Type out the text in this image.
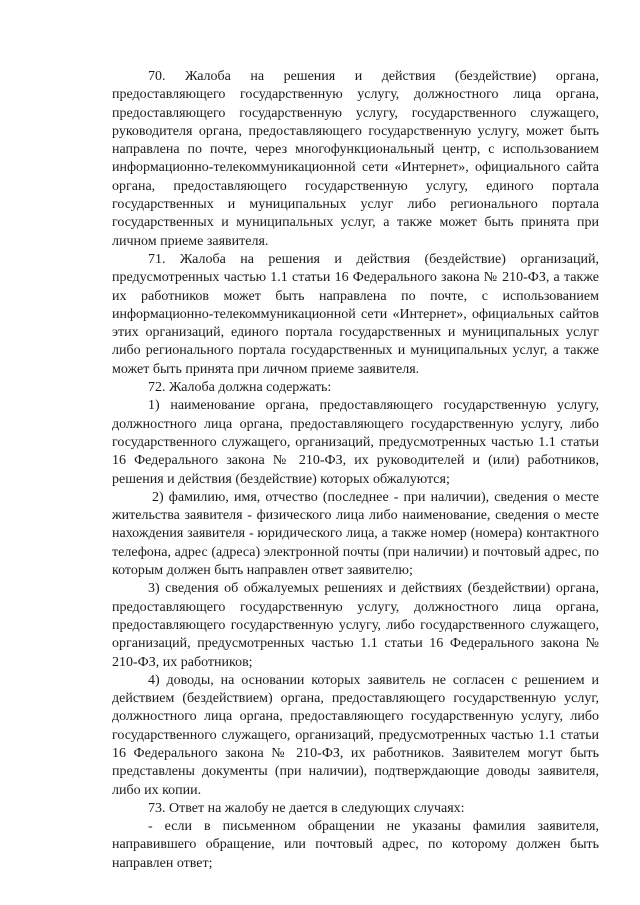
70. Жалоба на решения и действия (бездействие) органа, предоставляющего государственную услугу, должностного лица органа, предоставляющего государственную услугу, государственного служащего, руководителя органа, предоставляющего государственную услугу, может быть направлена по почте, через многофункциональный центр, с использованием информационно-телекоммуникационной сети «Интернет», официального сайта органа, предоставляющего государственную услугу, единого портала государственных и муниципальных услуг либо регионального портала государственных и муниципальных услуг, а также может быть принята при личном приеме заявителя.

71. Жалоба на решения и действия (бездействие) организаций, предусмотренных частью 1.1 статьи 16 Федерального закона № 210-ФЗ, а также их работников может быть направлена по почте, с использованием информационно-телекоммуникационной сети «Интернет», официальных сайтов этих организаций, единого портала государственных и муниципальных услуг либо регионального портала государственных и муниципальных услуг, а также может быть принята при личном приеме заявителя.

72. Жалоба должна содержать:

1) наименование органа, предоставляющего государственную услугу, должностного лица органа, предоставляющего государственную услугу, либо государственного служащего, организаций, предусмотренных частью 1.1 статьи 16 Федерального закона № 210-ФЗ, их руководителей и (или) работников, решения и действия (бездействие) которых обжалуются;

2) фамилию, имя, отчество (последнее - при наличии), сведения о месте жительства заявителя - физического лица либо наименование, сведения о месте нахождения заявителя - юридического лица, а также номер (номера) контактного телефона, адрес (адреса) электронной почты (при наличии) и почтовый адрес, по которым должен быть направлен ответ заявителю;

3) сведения об обжалуемых решениях и действиях (бездействии) органа, предоставляющего государственную услугу, должностного лица органа, предоставляющего государственную услугу, либо государственного служащего, организаций, предусмотренных частью 1.1 статьи 16 Федерального закона № 210-ФЗ, их работников;

4) доводы, на основании которых заявитель не согласен с решением и действием (бездействием) органа, предоставляющего государственную услуг, должностного лица органа, предоставляющего государственную услугу, либо государственного служащего, организаций, предусмотренных частью 1.1 статьи 16 Федерального закона № 210-ФЗ, их работников. Заявителем могут быть представлены документы (при наличии), подтверждающие доводы заявителя, либо их копии.

73. Ответ на жалобу не дается в следующих случаях:

- если в письменном обращении не указаны фамилия заявителя, направившего обращение, или почтовый адрес, по которому должен быть направлен ответ;
